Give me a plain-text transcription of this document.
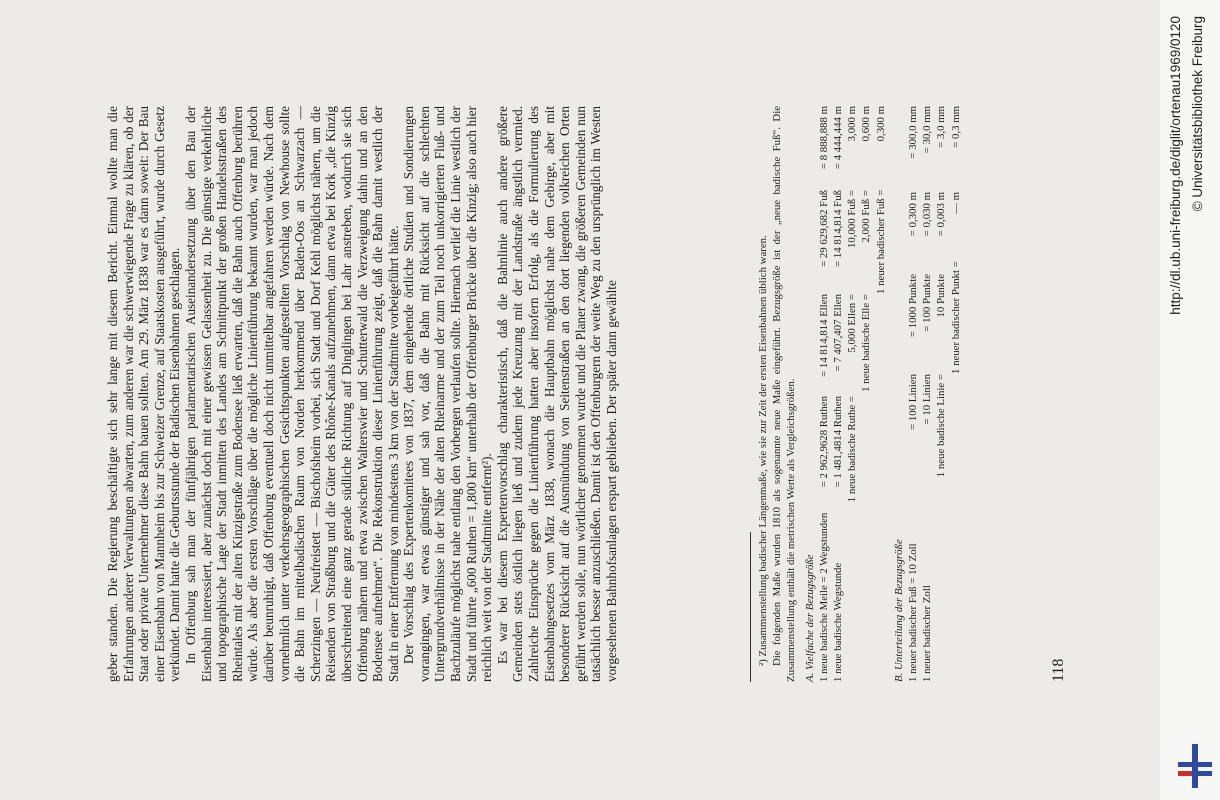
geber standen. Die Regierung beschäftigte sich sehr lange mit diesem Bericht. Einmal wollte man die Erfahrungen anderer Verwaltungen abwarten, zum anderen war die schwerwiegende Frage zu klären, ob der Staat oder private Unternehmer diese Bahn bauen sollten. Am 29. März 1838 war es dann soweit: Der Bau einer Eisenbahn von Mannheim bis zur Schweizer Grenze, auf Staatskosten ausgeführt, wurde durch Gesetz verkündet. Damit hatte die Geburtsstunde der Badischen Eisenbahnen geschlagen. In Offenburg sah man der fünfjährigen parlamentarischen Auseinandersetzung über den Bau der Eisenbahn interessiert, aber zunächst doch mit einer gewissen Gelassenheit zu. Die günstige verkehrliche und topographische Lage der Stadt inmitten des Landes am Schnittpunkt der großen Handelsstraßen des Rheintales mit der alten Kinzigstraße zum Bodensee ließ erwarten, daß die Bahn auch Offenburg berühren würde. Als aber die ersten Vorschläge über die mögliche Linienführung bekannt wurden, war man jedoch darüber beunruhigt, daß Offenburg eventuell doch nicht unmittelbar angefahren werden würde. Nach dem vornehmlich unter verkehrsgeographischen Gesichtspunkten aufgestellten Vorschlag von Newhouse sollte die Bahn im mittelbadischen Raum von Norden herkommend über Baden-Oos an Schwarzach — Scherzingen — Neufreistett — Bischofsheim vorbei, sich Stadt und Dorf Kehl möglichst nähern, um die Reisenden von Straßburg und die Güter des Rhône-Kanals aufzunehmen, dann etwa bei Kork „die Kinzig überschreitend eine ganz gerade südliche Richtung auf Dinglingen bei Lahr anstreben, wodurch sie sich Offenburg nähern und etwa zwischen Walterswier und Schutterwald die Verzweigung dahin und an den Bodensee aufnehmen“. Die Rekonstruktion dieser Linienführung zeigt, daß die Bahn damit westlich der Stadt in einer Entfernung von mindestens 3 km von der Stadtmitte vorbeigeführt hätte. Der Vorschlag des Expertenkomitees von 1837, dem eingehende örtliche Studien und Sondierungen vorangingen, war etwas günstiger und sah vor, daß die Bahn mit Rücksicht auf die schlechten Untergrundverhältnisse in der Nähe der alten Rheinarme und der zum Teil noch unkorrigierten Fluß- und Bachzuläufe möglichst nahe entlang den Vorbergen verlaufen sollte. Hiernach verlief die Linie westlich der Stadt und führte „600 Ruthen = 1,800 km“ unterhalb der Offenburger Brücke über die Kinzig; also auch hier reichlich weit von der Stadtmitte entfernt²). Es war bei diesem Expertenvorschlag charakteristisch, daß die Bahnlinie auch andere größere Gemeinden stets östlich liegen ließ und zudem jede Kreuzung mit der Landstraße ängstlich vermied. Zahlreiche Einsprüche gegen die Linienführung hatten aber insofern Erfolg, als die Formulierung des Eisenbahngesetzes vom März 1838, wonach die Hauptbahn möglichst nahe dem Gebirge, aber mit besonderer Rücksicht auf die Ausmündung von Seitenstraßen an den dort liegenden volkreichen Orten geführt werden solle, nun wörtlicher genommen wurde und die Planer zwang, die größeren Gemeinden nun tatsächlich besser anzuschließen. Damit ist den Offenburgern der weite Weg zu den ursprünglich im Westen vorgesehenen Bahnhofsanlagen erspart geblieben. Der später dann gewählte	²) Zusammenstellung badischer Längenmaße, wie sie zur Zeit der ersten Eisenbahnen üblich waren. Die folgenden Maße wurden 1810 als sogenannte neue Maße eingeführt. Bezugsgröße ist der „neue badische Fuß“. Die Zusammenstellung enthält die metrischen Werte als Vergleichsgrößen. A. Vielfache der Bezugsgröße 1 neue badische Meile = 2 Wegstunden
= 2 962,9628 Ruthen
= 14 814,814 Ellen
= 29 629,682 Fuß
= 8 888,888 m
1 neue badische Wegstunde
= 1 481,4814 Ruthen
= 7 407,407 Ellen
= 14 814,814 Fuß
= 4 444,444 m
1 neue badische Ruthe =
5,000 Ellen =
10,000 Fuß =
3,000 m
1 neue badische Elle =
2,000 Fuß =
0,600 m
1 neuer badischer Fuß =
0,300 m

B. Unterteilung der Bezugsgröße 1 neuer badischer Fuß = 10 Zoll
= 100 Linien
= 1000 Punkte
= 0,300 m
= 300,0 mm
1 neuer badischer Zoll
= 10 Linien
= 100 Punkte
= 0,030 m
= 30,0 mm
1 neue badische Linie =
10 Punkte
= 0,003 m
= 3,0 mm
1 neuer badischer Punkt =
— m
= 0,3 mm
118
http://dl.ub.uni-freiburg.de/diglit/ortenau1969/0120 © Universitätsbibliothek Freiburg
